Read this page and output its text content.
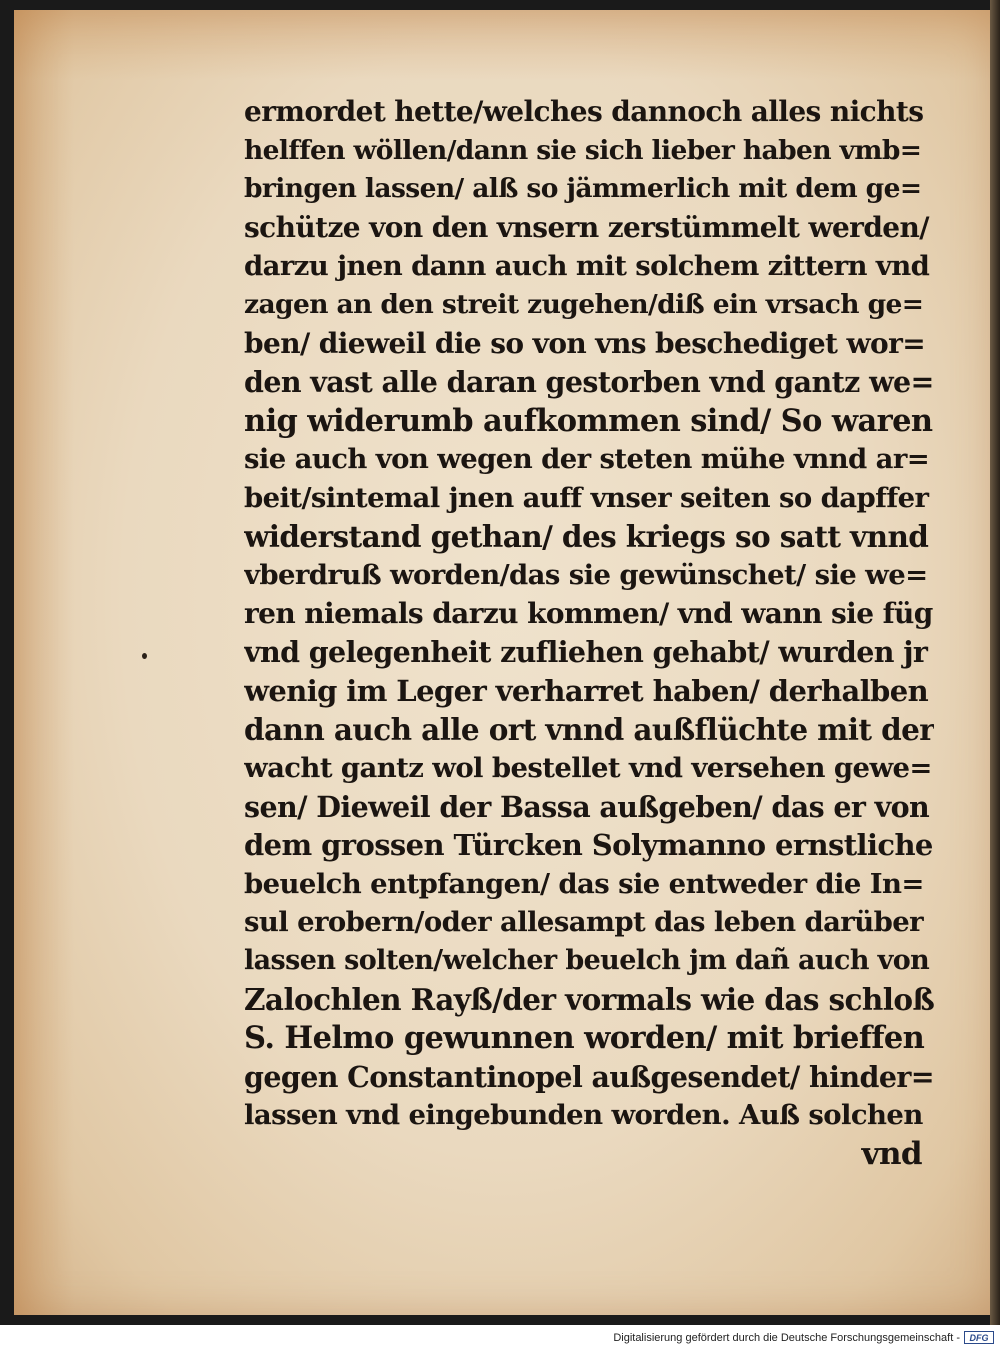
ermordet hette/welches dannoch alles nichts
helffen wöllen/dann sie sich lieber haben vmb=
bringen lassen/ alß so jämmerlich mit dem ge=
schütze von den vnsern zerstümmelt werden/
darzu jnen dann auch mit solchem zittern vnd
zagen an den streit zugehen/diß ein vrsach ge=
ben/ dieweil die so von vns beschediget wor=
den vast alle daran gestorben vnd gantz we=
nig widerumb aufkommen sind/ So waren
sie auch von wegen der steten mühe vnnd ar=
beit/sintemal jnen auff vnser seiten so dapffer
widerstand gethan/ des kriegs so satt vnnd
vberdruß worden/das sie gewünschet/ sie we=
ren niemals darzu kommen/ vnd wann sie füg
vnd gelegenheit zufliehen gehabt/ wurden jr
wenig im Leger verharret haben/ derhalben
dann auch alle ort vnnd außflüchte mit der
wacht gantz wol bestellet vnd versehen gewe=
sen/ Dieweil der Bassa außgeben/ das er von
dem grossen Türcken Solymanno ernstliche
beuelch entpfangen/ das sie entweder die In=
sul erobern/oder allesampt das leben darüber
lassen solten/welcher beuelch jm dañ auch von
Zalochlen Rayß/der vormals wie das schloß
S. Helmo gewunnen worden/ mit brieffen
gegen Constantinopel außgesendet/ hinder=
lassen vnd eingebunden worden. Auß solchen
vnd
Digitalisierung gefördert durch die Deutsche Forschungsgemeinschaft -	DFG
